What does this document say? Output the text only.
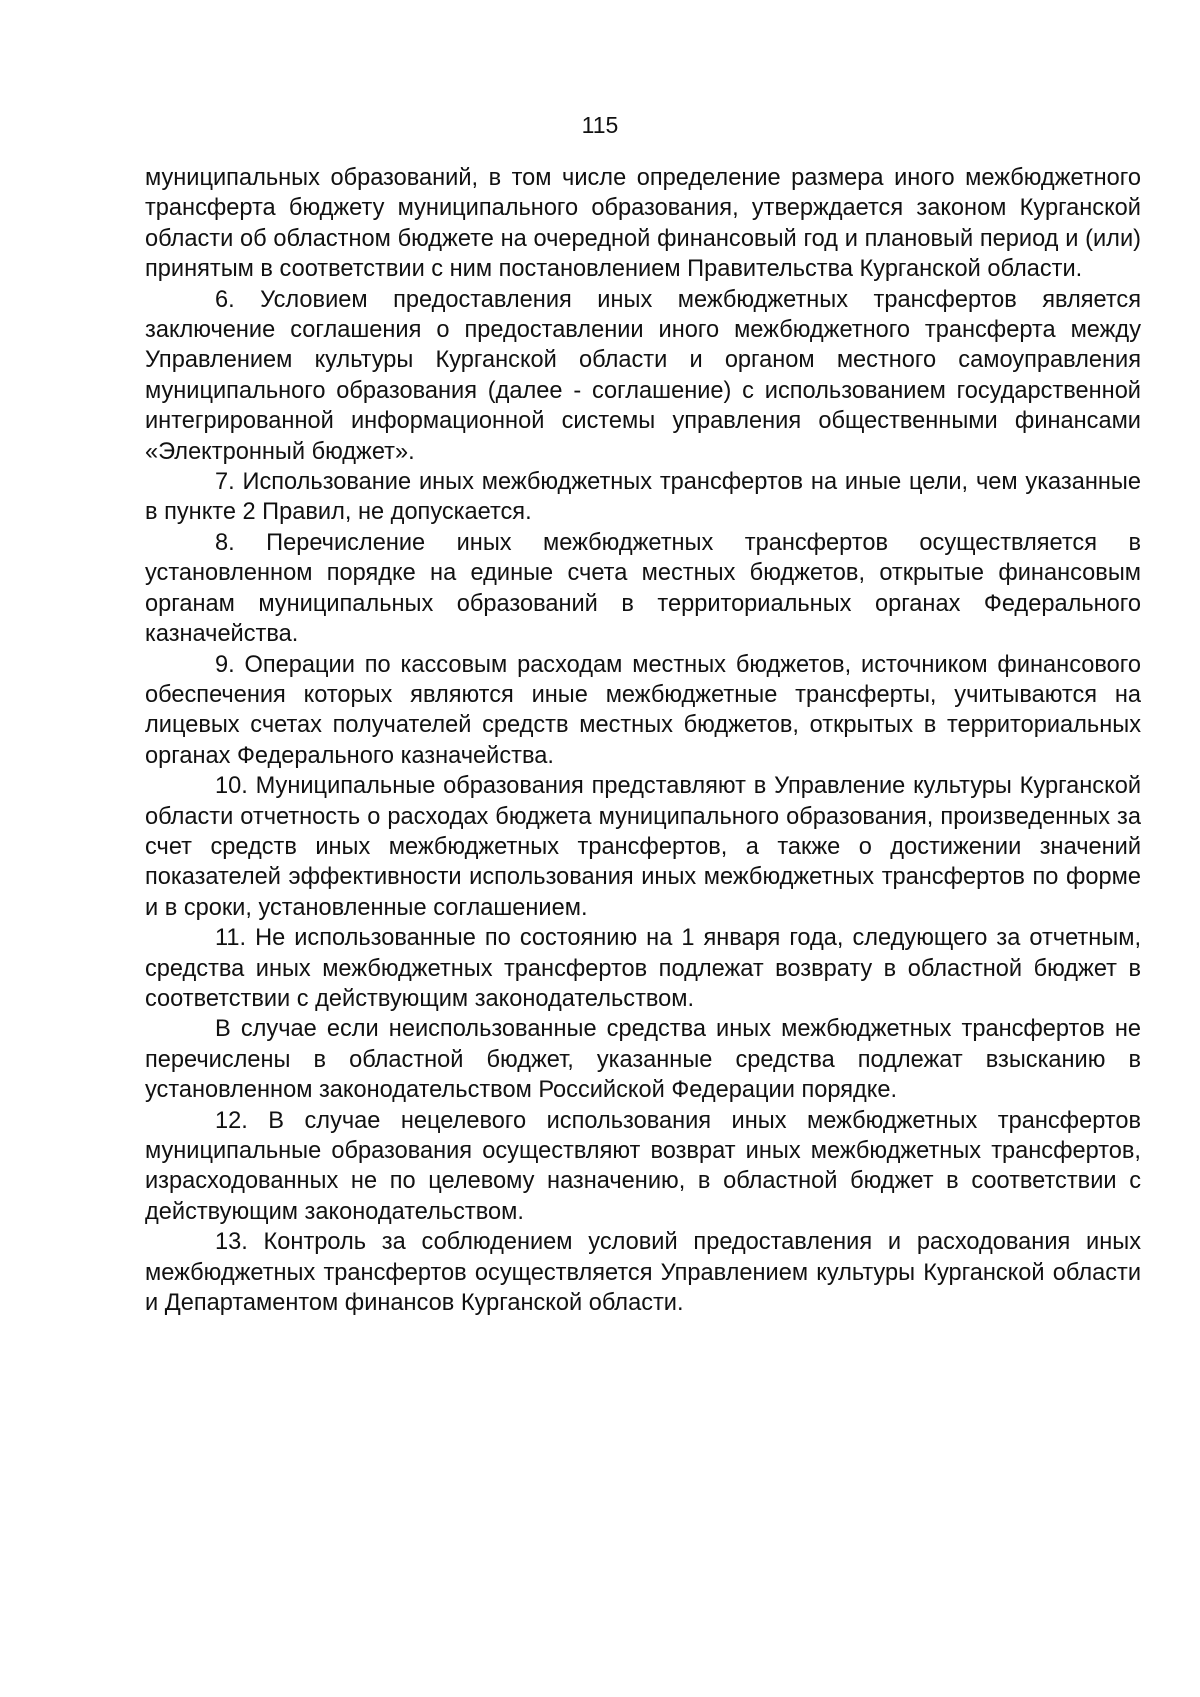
115

муниципальных образований, в том числе определение размера иного межбюджетного трансферта бюджету муниципального образования, утверждается законом Курганской области об областном бюджете на очередной финансовый год и плановый период и (или) принятым в соответствии с ним постановлением Правительства Курганской области.

6. Условием предоставления иных межбюджетных трансфертов является заключение соглашения о предоставлении иного межбюджетного трансферта между Управлением культуры Курганской области и органом местного самоуправления муниципального образования (далее - соглашение) с использованием государственной интегрированной информационной системы управления общественными финансами «Электронный бюджет».

7. Использование иных межбюджетных трансфертов на иные цели, чем указанные в пункте 2 Правил, не допускается.

8. Перечисление иных межбюджетных трансфертов осуществляется в установленном порядке на единые счета местных бюджетов, открытые финансовым органам муниципальных образований в территориальных органах Федерального казначейства.

9. Операции по кассовым расходам местных бюджетов, источником финансового обеспечения которых являются иные межбюджетные трансферты, учитываются на лицевых счетах получателей средств местных бюджетов, открытых в территориальных органах Федерального казначейства.

10. Муниципальные образования представляют в Управление культуры Курганской области отчетность о расходах бюджета муниципального образования, произведенных за счет средств иных межбюджетных трансфертов, а также о достижении значений показателей эффективности использования иных межбюджетных трансфертов по форме и в сроки, установленные соглашением.

11. Не использованные по состоянию на 1 января года, следующего за отчетным, средства иных межбюджетных трансфертов подлежат возврату в областной бюджет в соответствии с действующим законодательством.

В случае если неиспользованные средства иных межбюджетных трансфертов не перечислены в областной бюджет, указанные средства подлежат взысканию в установленном законодательством Российской Федерации порядке.

12. В случае нецелевого использования иных межбюджетных трансфертов муниципальные образования осуществляют возврат иных межбюджетных трансфертов, израсходованных не по целевому назначению, в областной бюджет в соответствии с действующим законодательством.

13. Контроль за соблюдением условий предоставления и расходования иных межбюджетных трансфертов осуществляется Управлением культуры Курганской области и Департаментом финансов Курганской области.
